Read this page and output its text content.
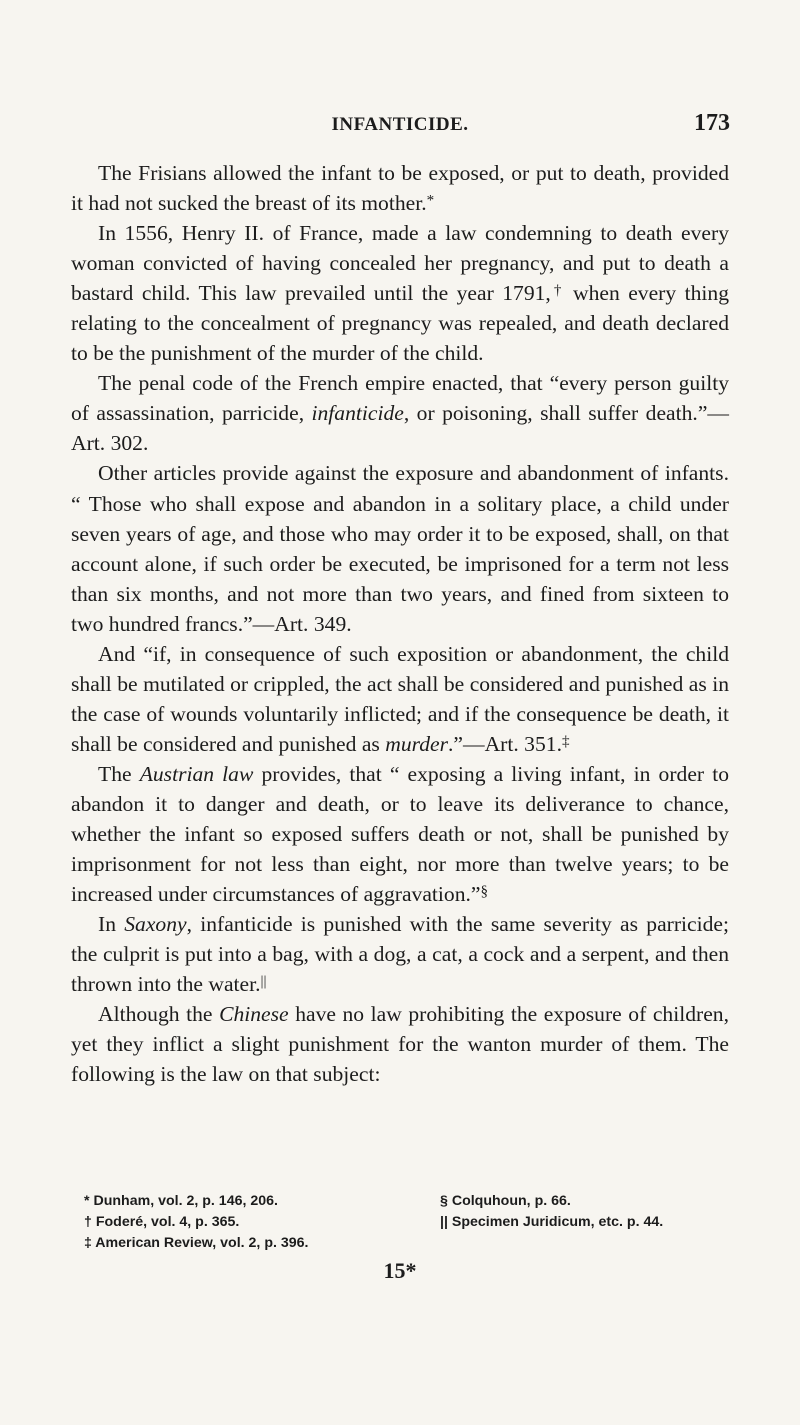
INFANTICIDE.	173

The Frisians allowed the infant to be exposed, or put to death, provided it had not sucked the breast of its mother.*

In 1556, Henry II. of France, made a law condemning to death every woman convicted of having concealed her pregnancy, and put to death a bastard child. This law prevailed until the year 1791,† when every thing relating to the concealment of pregnancy was repealed, and death declared to be the punishment of the murder of the child.

The penal code of the French empire enacted, that “every person guilty of assassination, parricide, infanticide, or poisoning, shall suffer death.”—Art. 302.

Other articles provide against the exposure and abandonment of infants. “ Those who shall expose and abandon in a solitary place, a child under seven years of age, and those who may order it to be exposed, shall, on that account alone, if such order be executed, be imprisoned for a term not less than six months, and not more than two years, and fined from sixteen to two hundred francs.”—Art. 349.

And “if, in consequence of such exposition or abandonment, the child shall be mutilated or crippled, the act shall be considered and punished as in the case of wounds voluntarily inflicted; and if the consequence be death, it shall be considered and punished as murder.”—Art. 351.‡

The Austrian law provides, that “ exposing a living infant, in order to abandon it to danger and death, or to leave its deliverance to chance, whether the infant so exposed suffers death or not, shall be punished by imprisonment for not less than eight, nor more than twelve years; to be increased under circumstances of aggravation.”§

In Saxony, infanticide is punished with the same severity as parricide; the culprit is put into a bag, with a dog, a cat, a cock and a serpent, and then thrown into the water.||

Although the Chinese have no law prohibiting the exposure of children, yet they inflict a slight punishment for the wanton murder of them. The following is the law on that subject:

* Dunham, vol. 2, p. 146, 206.
† Foderé, vol. 4, p. 365.
‡ American Review, vol. 2, p. 396.
§ Colquhoun, p. 66.
|| Specimen Juridicum, etc. p. 44.
15*
